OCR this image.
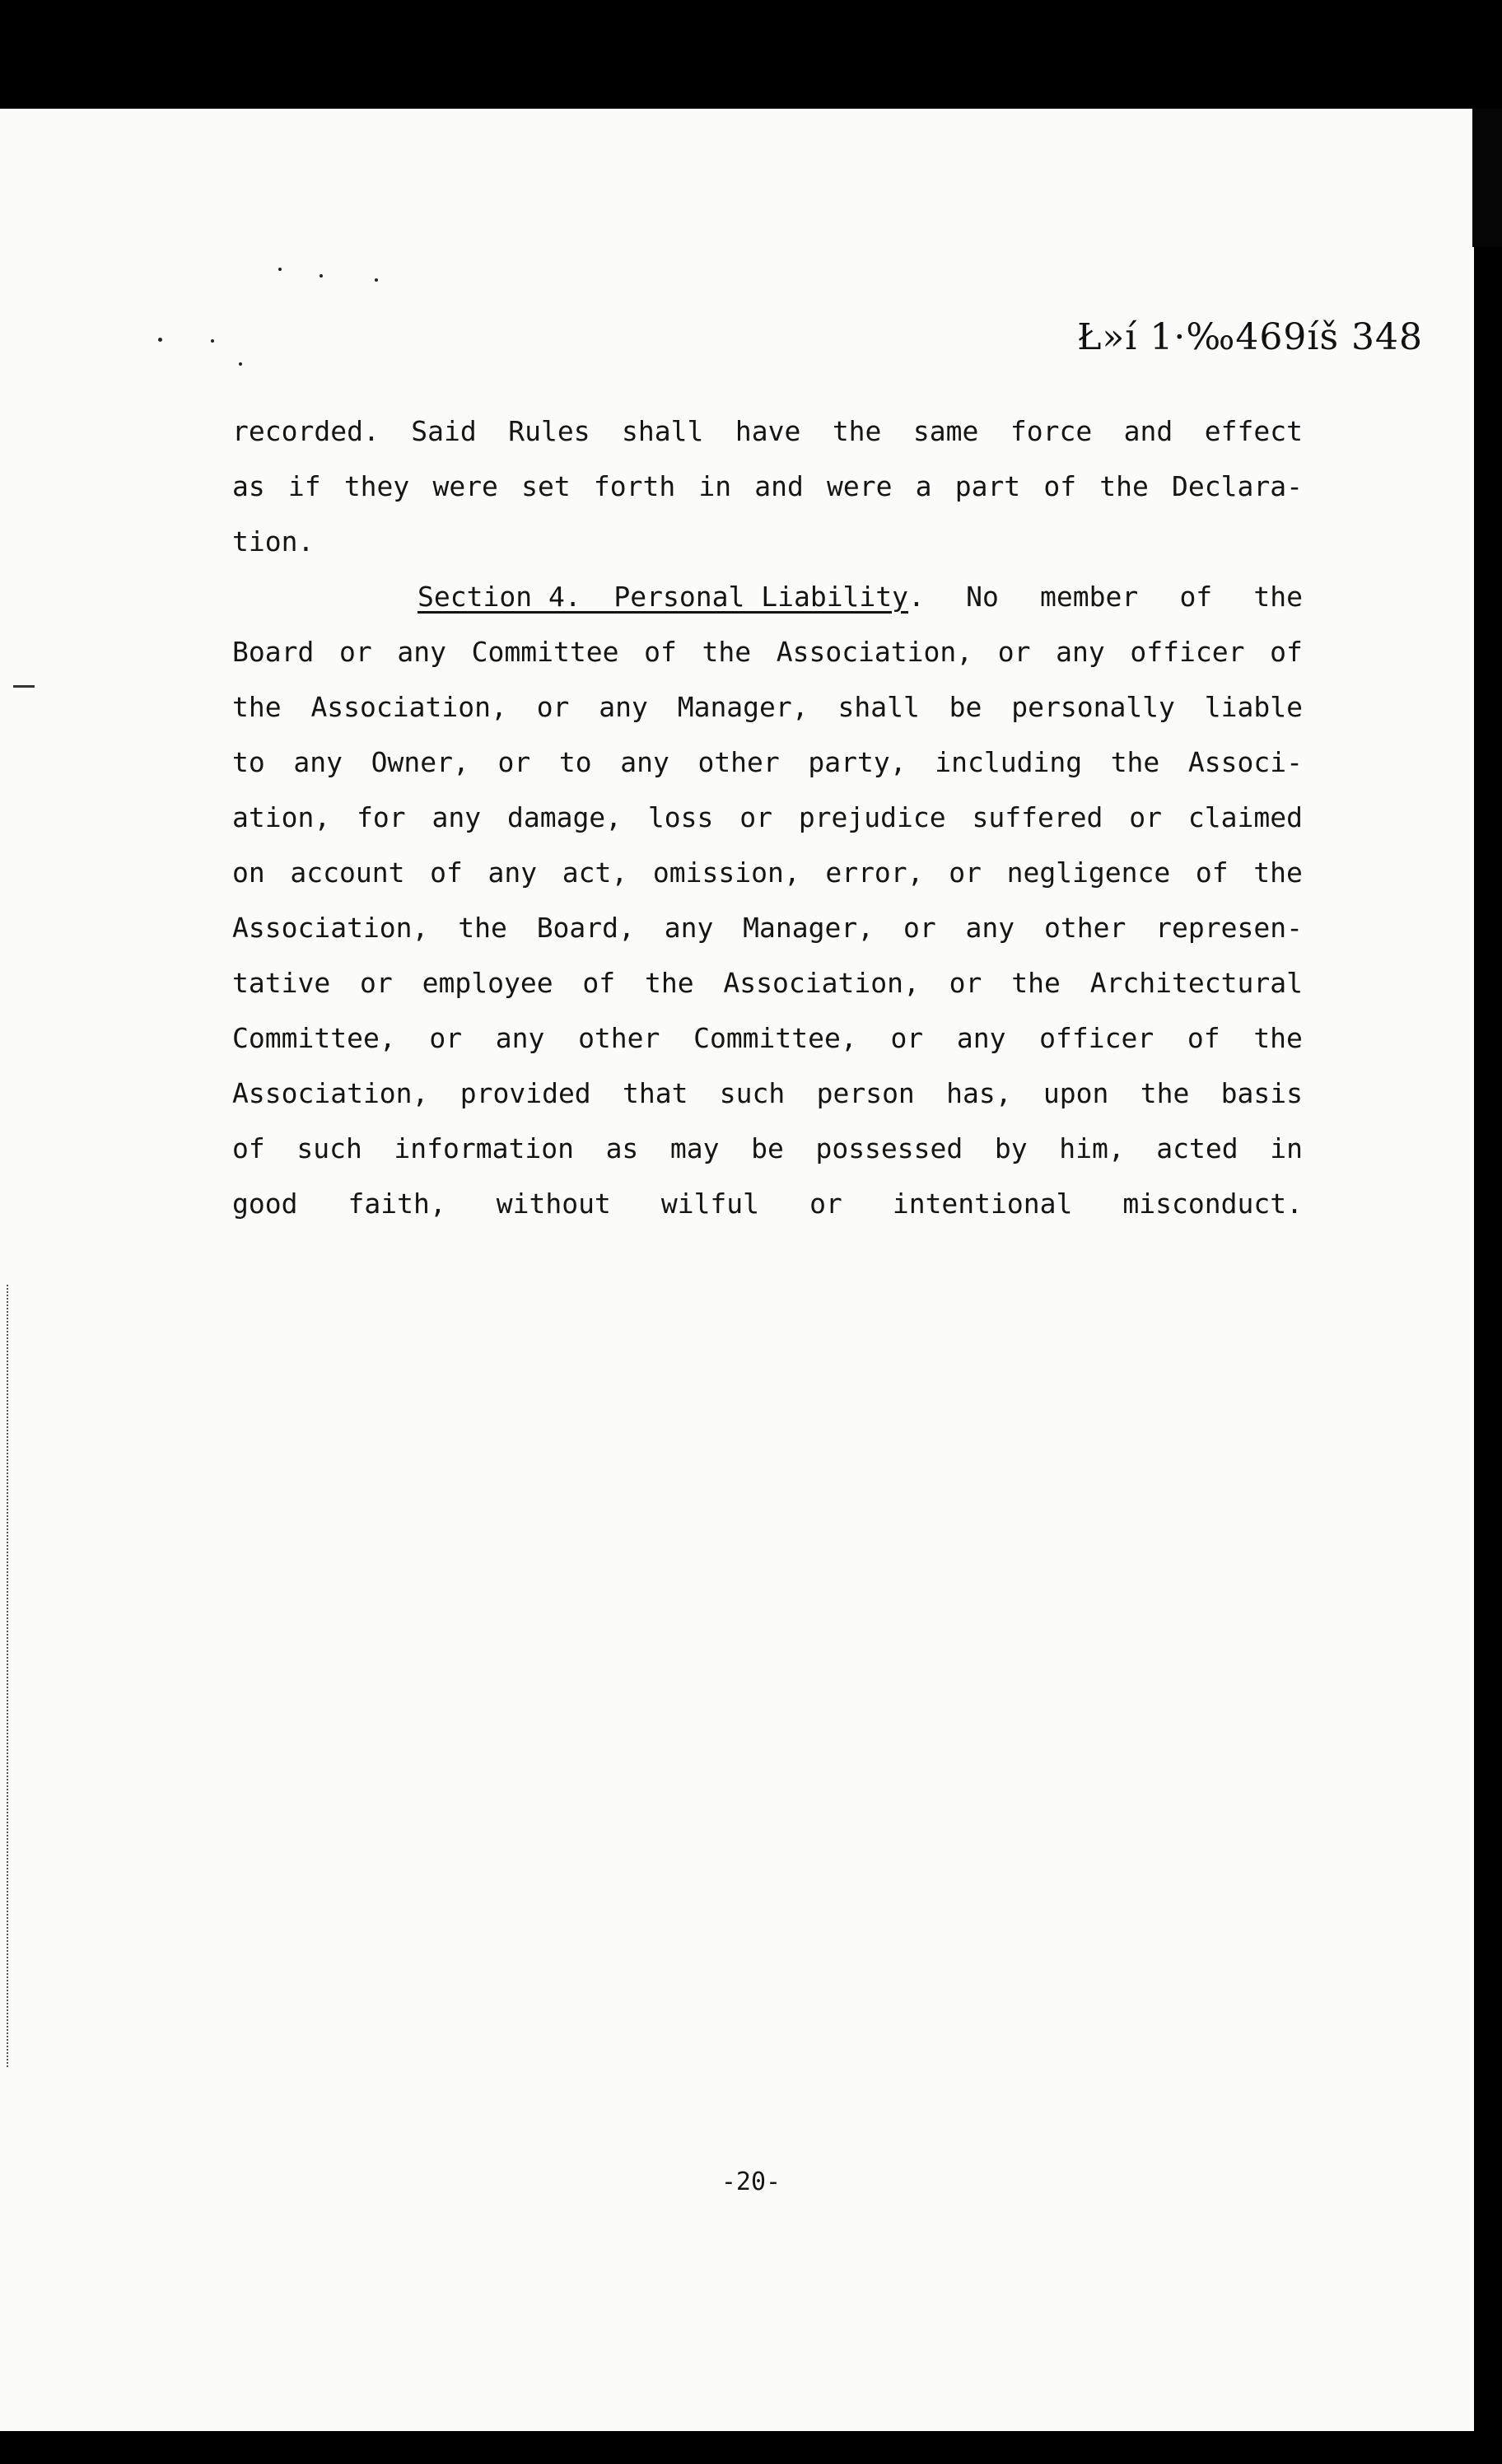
Ł»í 1·‰469íš 348
recorded. Said Rules shall have the same force and effect
as if they were set forth in and were a part of the Declara-
tion.
Section 4.  Personal Liability. No member of the
Board or any Committee of the Association, or any officer of
the Association, or any Manager, shall be personally liable
to any Owner, or to any other party, including the Associ-
ation, for any damage, loss or prejudice suffered or claimed
on account of any act, omission, error, or negligence of the
Association, the Board, any Manager, or any other represen-
tative or employee of the Association, or the Architectural
Committee, or any other Committee, or any officer of the
Association, provided that such person has, upon the basis
of such information as may be possessed by him, acted in
good faith, without wilful or intentional misconduct.
-20-
